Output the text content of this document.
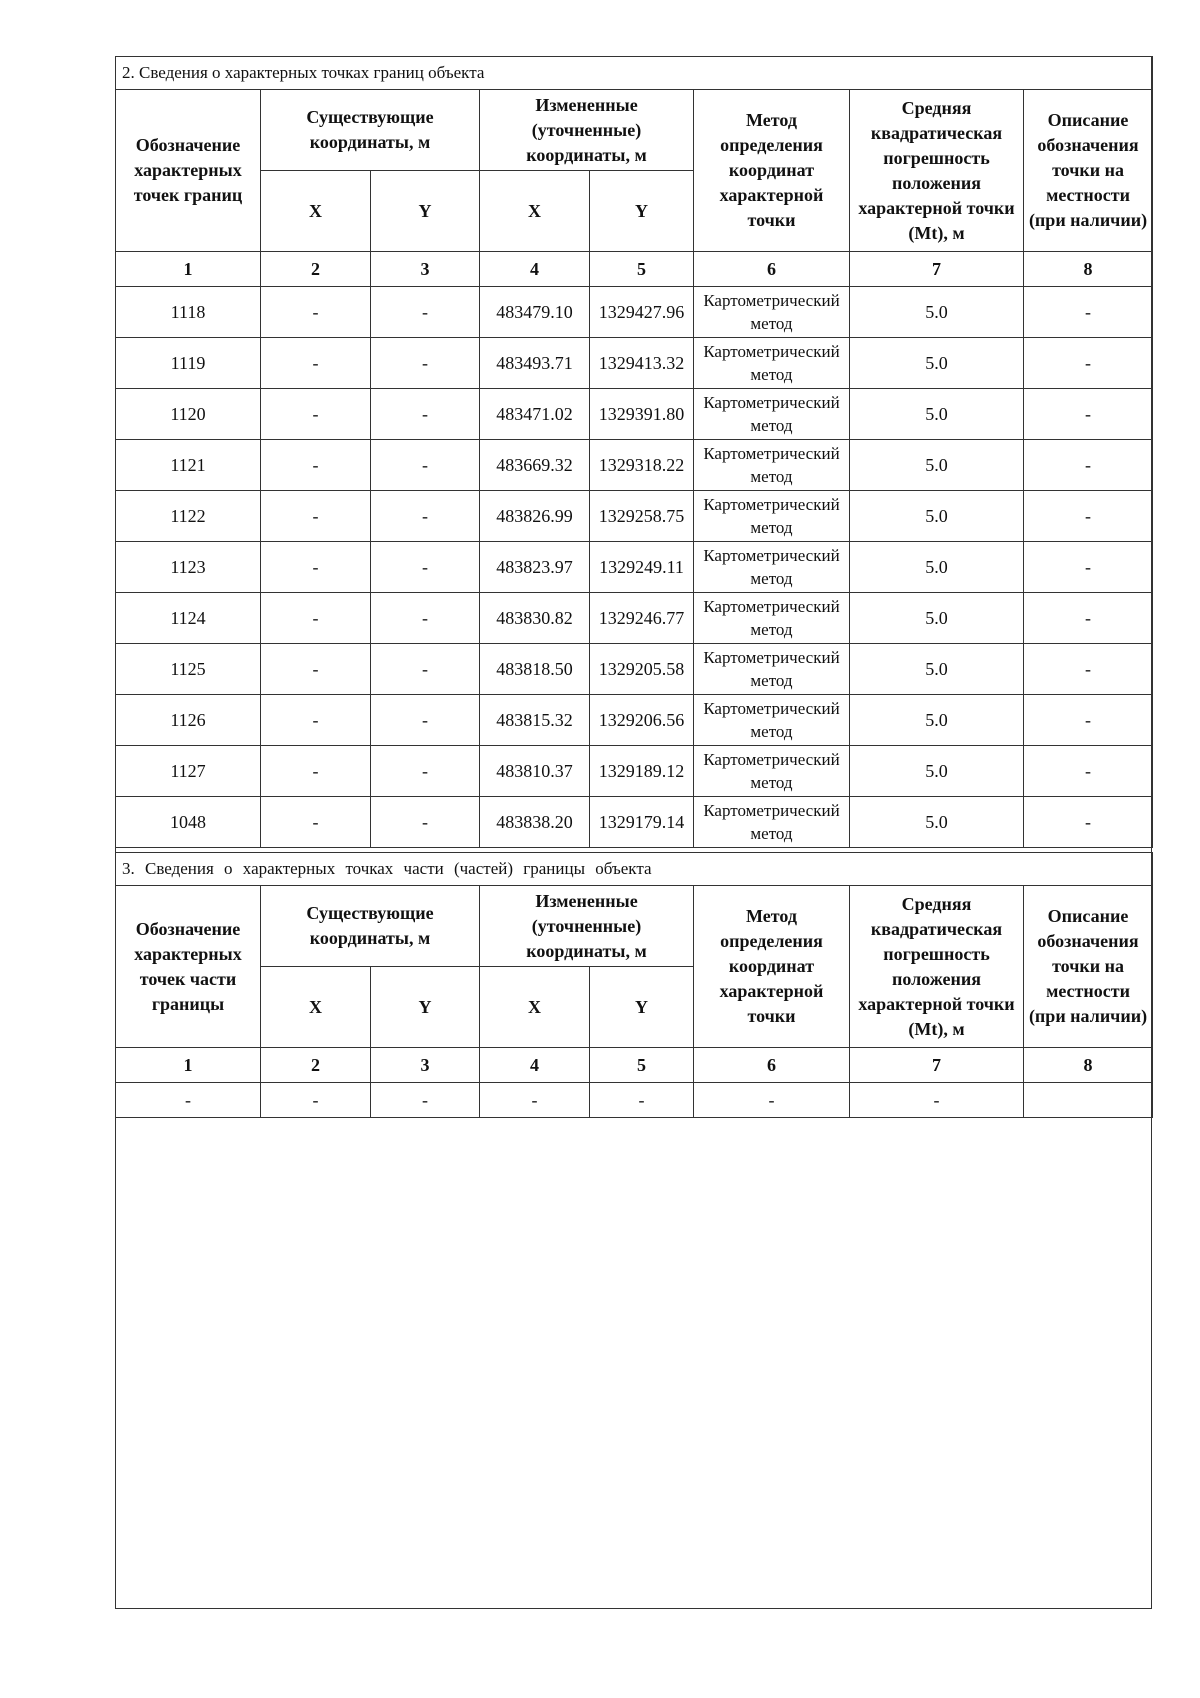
2. Сведения о характерных точках границ объекта							
Обозначение характерных точек границ	Существующие координаты, м		Измененные (уточненные) координаты, м		Метод определения координат характерной точки	Средняя квадратическая погрешность положения характерной точки (Mt), м	Описание обозначения точки на местности (при наличии)
	X	Y	X	Y			
1	2	3	4	5	6	7	8
1118	-	-	483479.10	1329427.96	Картометрический метод	5.0	-
1119	-	-	483493.71	1329413.32	Картометрический метод	5.0	-
1120	-	-	483471.02	1329391.80	Картометрический метод	5.0	-
1121	-	-	483669.32	1329318.22	Картометрический метод	5.0	-
1122	-	-	483826.99	1329258.75	Картометрический метод	5.0	-
1123	-	-	483823.97	1329249.11	Картометрический метод	5.0	-
1124	-	-	483830.82	1329246.77	Картометрический метод	5.0	-
1125	-	-	483818.50	1329205.58	Картометрический метод	5.0	-
1126	-	-	483815.32	1329206.56	Картометрический метод	5.0	-
1127	-	-	483810.37	1329189.12	Картометрический метод	5.0	-
1048	-	-	483838.20	1329179.14	Картометрический метод	5.0	-
3. Сведения о характерных точках части (частей) границы объекта							
Обозначение характерных точек части границы	Существующие координаты, м		Измененные (уточненные) координаты, м		Метод определения координат характерной точки	Средняя квадратическая погрешность положения характерной точки (Mt), м	Описание обозначения точки на местности (при наличии)
	X	Y	X	Y			
1	2	3	4	5	6	7	8
-	-	-	-	-	-	-	
